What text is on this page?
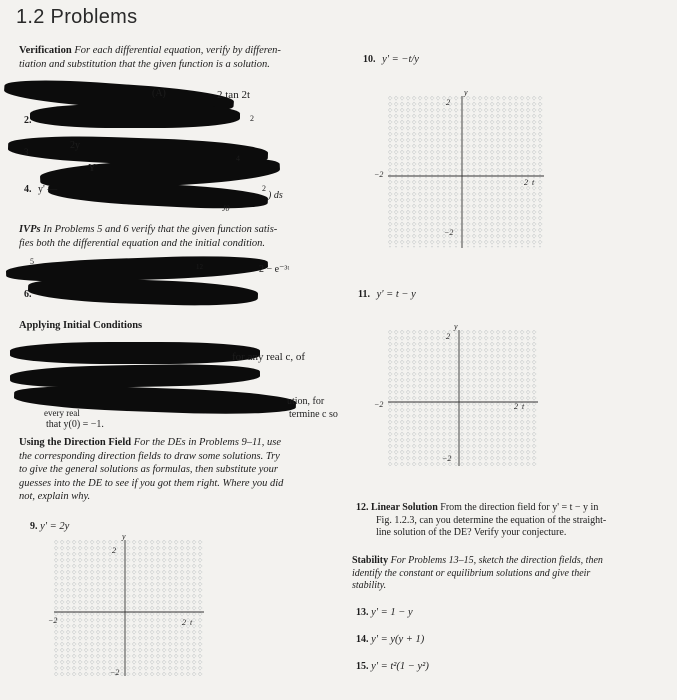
1.2 Problems
Verification For each differential equation, verify by differen-
tiation and substitution that the given function is a solution.
(A)	2 tan 2t
2.	2
3
2y
Y
4
4. y' —	2
) ds
J0
IVPs In Problems 5 and 6 verify that the given function satis-
fies both the differential equation and the initial condition.
5
12	2 − e⁻³ᵗ
6.
Applying Initial Conditions
for any real c, of
ution, for
every real	termine c so
that y(0) = −1.
Using the Direction Field For the DEs in Problems 9–11, use
the corresponding direction fields to draw some solutions. Try
to give the general solutions as formulas, then substitute your
guesses into the DE to see if you got them right. Where you did
not, explain why.
9. y' = 2y
10. y' = −t/y
11. y' = t − y
y
2
−2
−2
2 t
y
2
−2
−2	2 t
y
2
−2
−2	2 t
12. Linear Solution From the direction field for y' = t − y in
Fig. 1.2.3, can you determine the equation of the straight-
line solution of the DE? Verify your conjecture.
Stability For Problems 13–15, sketch the direction fields, then
identify the constant or equilibrium solutions and give their
stability.
13. y' = 1 − y
14. y' = y(y + 1)
15. y' = t²(1 − y²)
